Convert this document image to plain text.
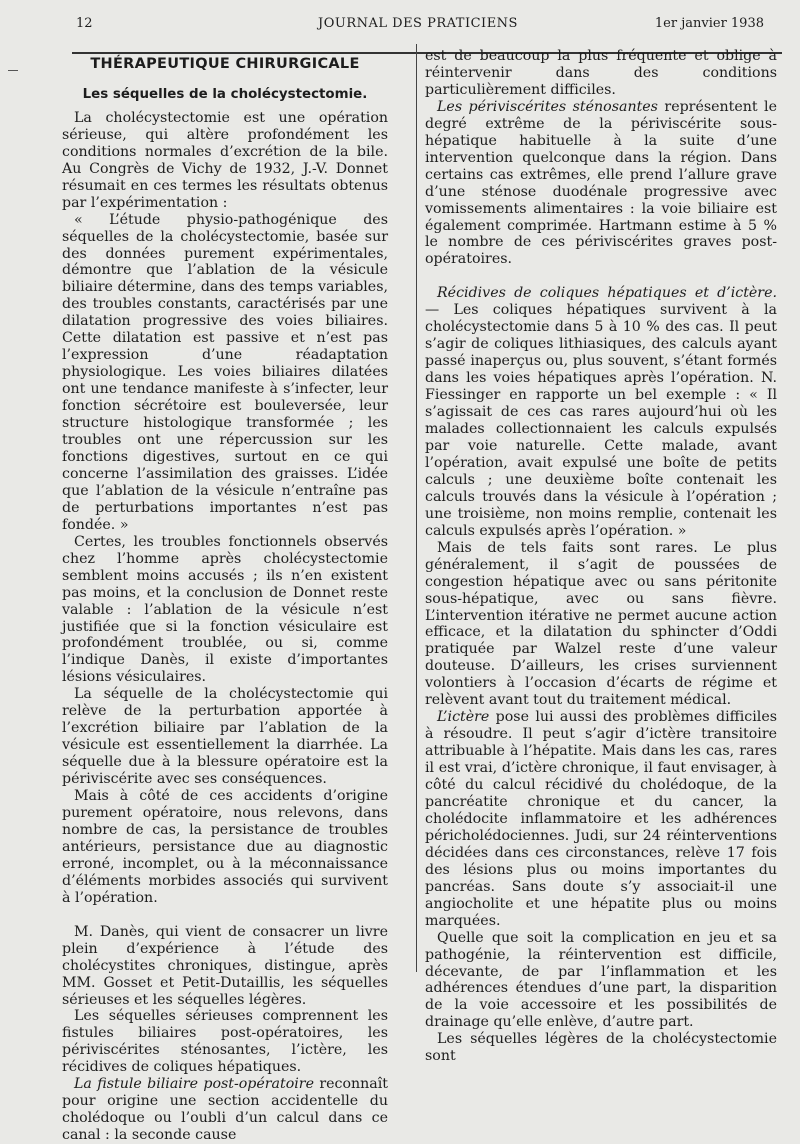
12	JOURNAL DES PRATICIENS	1er janvier 1938
THÉRAPEUTIQUE CHIRURGICALE
Les séquelles de la cholécystectomie.

La cholécystectomie est une opération sérieuse, qui altère profondément les conditions normales d’excrétion de la bile. Au Congrès de Vichy de 1932, J.-V. Donnet résumait en ces termes les résultats obtenus par l’expérimentation :

« L’étude physio-pathogénique des séquelles de la cholécystectomie, basée sur des données purement expérimentales, démontre que l’ablation de la vésicule biliaire détermine, dans des temps variables, des troubles constants, caractérisés par une dilatation progressive des voies biliaires. Cette dilatation est passive et n’est pas l’expression d’une réadaptation physiologique. Les voies biliaires dilatées ont une tendance manifeste à s’infecter, leur fonction sécrétoire est bouleversée, leur structure histologique transformée ; les troubles ont une répercussion sur les fonctions digestives, surtout en ce qui concerne l’assimilation des graisses. L’idée que l’ablation de la vésicule n’entraîne pas de perturbations importantes n’est pas fondée. »

Certes, les troubles fonctionnels observés chez l’homme après cholécystectomie semblent moins accusés ; ils n’en existent pas moins, et la conclusion de Donnet reste valable : l’ablation de la vésicule n’est justifiée que si la fonction vésiculaire est profondément troublée, ou si, comme l’indique Danès, il existe d’importantes lésions vésiculaires.

La séquelle de la cholécystectomie qui relève de la perturbation apportée à l’excrétion biliaire par l’ablation de la vésicule est essentiellement la diarrhée. La séquelle due à la blessure opératoire est la périviscérite avec ses conséquences.

Mais à côté de ces accidents d’origine purement opératoire, nous relevons, dans nombre de cas, la persistance de troubles antérieurs, persistance due au diagnostic erroné, incomplet, ou à la méconnaissance d’éléments morbides associés qui survivent à l’opération.

M. Danès, qui vient de consacrer un livre plein d’expérience à l’étude des cholécystites chroniques, distingue, après MM. Gosset et Petit-Dutaillis, les séquelles sérieuses et les séquelles légères.

Les séquelles sérieuses comprennent les fistules biliaires post-opératoires, les périviscérites sténosantes, l’ictère, les récidives de coliques hépatiques.

La fistule biliaire post-opératoire reconnaît pour origine une section accidentelle du cholédoque ou l’oubli d’un calcul dans ce canal : la seconde cause

est de beaucoup la plus fréquente et oblige à réintervenir dans des conditions particulièrement difficiles.

Les périviscérites sténosantes représentent le degré extrême de la périviscérite sous-hépatique habituelle à la suite d’une intervention quelconque dans la région. Dans certains cas extrêmes, elle prend l’allure grave d’une sténose duodénale progressive avec vomissements alimentaires : la voie biliaire est également comprimée. Hartmann estime à 5 % le nombre de ces périviscérites graves post-opératoires.

Récidives de coliques hépatiques et d’ictère. — Les coliques hépatiques survivent à la cholécystectomie dans 5 à 10 % des cas. Il peut s’agir de coliques lithiasiques, des calculs ayant passé inaperçus ou, plus souvent, s’étant formés dans les voies hépatiques après l’opération. N. Fiessinger en rapporte un bel exemple : « Il s’agissait de ces cas rares aujourd’hui où les malades collectionnaient les calculs expulsés par voie naturelle. Cette malade, avant l’opération, avait expulsé une boîte de petits calculs ; une deuxième boîte contenait les calculs trouvés dans la vésicule à l’opération ; une troisième, non moins remplie, contenait les calculs expulsés après l’opération. »

Mais de tels faits sont rares. Le plus généralement, il s’agit de poussées de congestion hépatique avec ou sans péritonite sous-hépatique, avec ou sans fièvre. L’intervention itérative ne permet aucune action efficace, et la dilatation du sphincter d’Oddi pratiquée par Walzel reste d’une valeur douteuse. D’ailleurs, les crises surviennent volontiers à l’occasion d’écarts de régime et relèvent avant tout du traitement médical.

L’ictère pose lui aussi des problèmes difficiles à résoudre. Il peut s’agir d’ictère transitoire attribuable à l’hépatite. Mais dans les cas, rares il est vrai, d’ictère chronique, il faut envisager, à côté du calcul récidivé du cholédoque, de la pancréatite chronique et du cancer, la cholédocite inflammatoire et les adhérences péricholédociennes. Judi, sur 24 réinterventions décidées dans ces circonstances, relève 17 fois des lésions plus ou moins importantes du pancréas. Sans doute s’y associait-il une angiocholite et une hépatite plus ou moins marquées.

Quelle que soit la complication en jeu et sa pathogénie, la réintervention est difficile, décevante, de par l’inflammation et les adhérences étendues d’une part, la disparition de la voie accessoire et les possibilités de drainage qu’elle enlève, d’autre part.

Les séquelles légères de la cholécystectomie sont
